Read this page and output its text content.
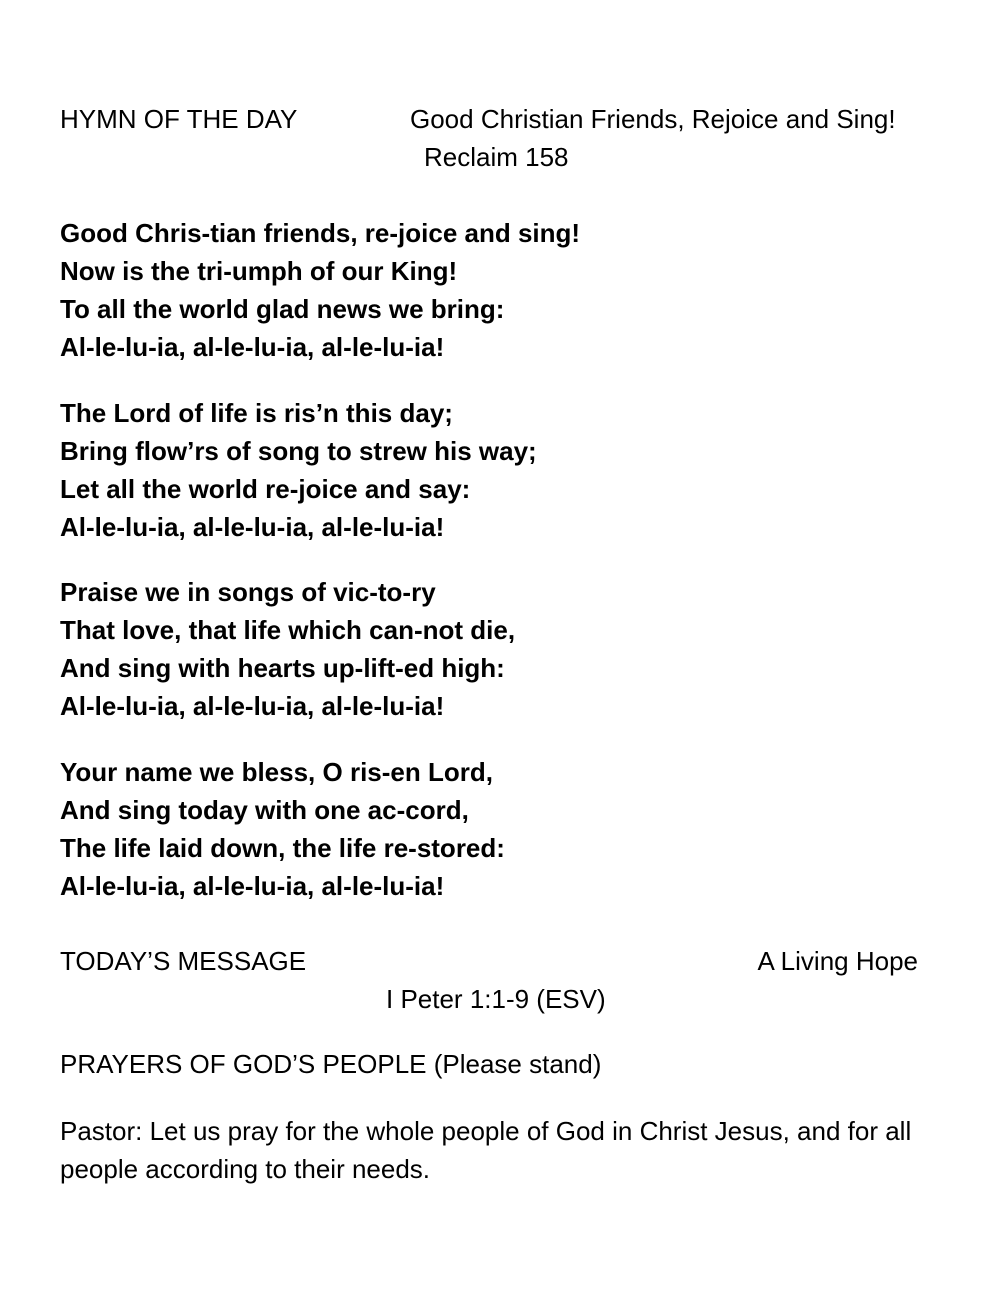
HYMN OF THE DAY	Good Christian Friends, Rejoice and Sing!
Reclaim 158
Good Chris-tian friends, re-joice and sing!
Now is the tri-umph of our King!
To all the world glad news we bring:
Al-le-lu-ia, al-le-lu-ia, al-le-lu-ia!
The Lord of life is ris’n this day;
Bring flow’rs of song to strew his way;
Let all the world re-joice and say:
Al-le-lu-ia, al-le-lu-ia, al-le-lu-ia!
Praise we in songs of vic-to-ry
That love, that life which can-not die,
And sing with hearts up-lift-ed high:
Al-le-lu-ia, al-le-lu-ia, al-le-lu-ia!
Your name we bless, O ris-en Lord,
And sing today with one ac-cord,
The life laid down, the life re-stored:
Al-le-lu-ia, al-le-lu-ia, al-le-lu-ia!
TODAY’S MESSAGE	A Living Hope
I Peter 1:1-9 (ESV)
PRAYERS OF GOD’S PEOPLE (Please stand)
Pastor: Let us pray for the whole people of God in Christ Jesus, and for all people according to their needs.
